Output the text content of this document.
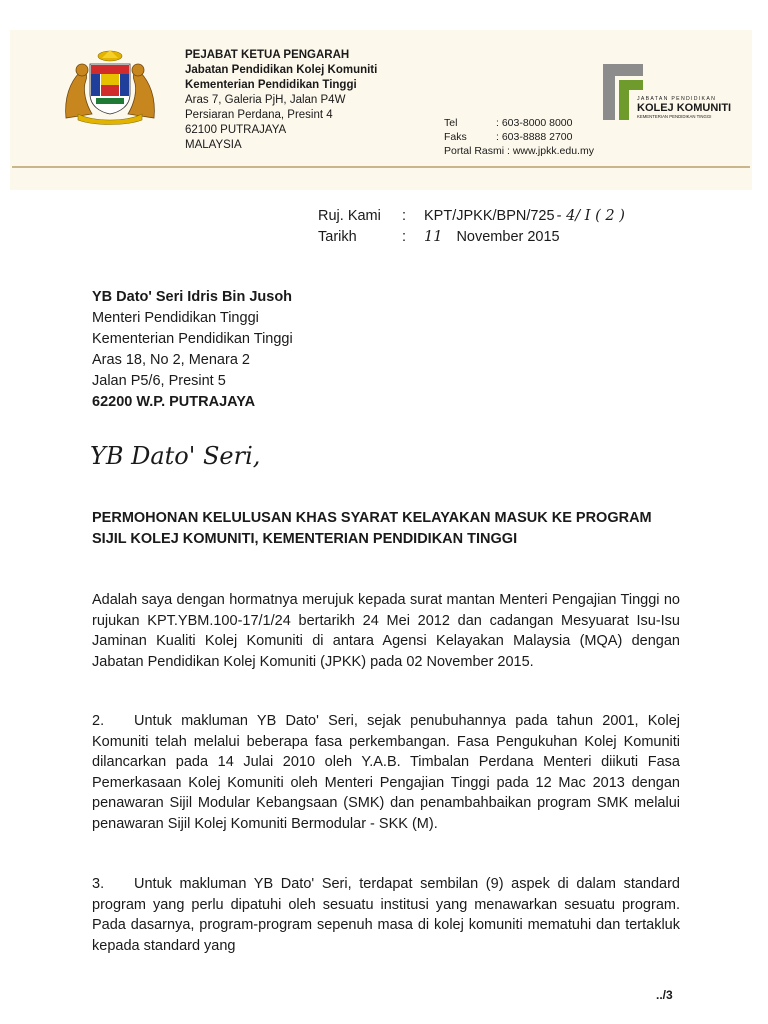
PEJABAT KETUA PENGARAH
Jabatan Pendidikan Kolej Komuniti
Kementerian Pendidikan Tinggi
Aras 7, Galeria PjH, Jalan P4W
Persiaran Perdana, Presint 4
62100 PUTRAJAYA
MALAYSIA
Tel	: 603-8000 8000
Faks	: 603-8888 2700
Portal Rasmi : www.jpkk.edu.my
JABATAN PENDIDIKAN
KOLEJ KOMUNITI
KEMENTERIAN PENDIDIKAN TINGGI
Ruj. Kami	:	KPT/JPKK/BPN/725 - 4/ I ( 2 )
Tarikh	:	11 November 2015
YB Dato' Seri Idris Bin Jusoh
Menteri Pendidikan Tinggi
Kementerian Pendidikan Tinggi
Aras 18, No 2, Menara 2
Jalan P5/6, Presint 5
62200 W.P. PUTRAJAYA
YB Dato' Seri,
PERMOHONAN KELULUSAN KHAS SYARAT KELAYAKAN MASUK KE PROGRAM SIJIL KOLEJ KOMUNITI, KEMENTERIAN PENDIDIKAN TINGGI
Adalah saya dengan hormatnya merujuk kepada surat mantan Menteri Pengajian Tinggi no rujukan KPT.YBM.100-17/1/24 bertarikh 24 Mei 2012 dan cadangan Mesyuarat Isu-Isu Jaminan Kualiti Kolej Komuniti di antara Agensi Kelayakan Malaysia (MQA) dengan Jabatan Pendidikan Kolej Komuniti (JPKK) pada 02 November 2015.
2. Untuk makluman YB Dato' Seri, sejak penubuhannya pada tahun 2001, Kolej Komuniti telah melalui beberapa fasa perkembangan. Fasa Pengukuhan Kolej Komuniti dilancarkan pada 14 Julai 2010 oleh Y.A.B. Timbalan Perdana Menteri diikuti Fasa Pemerkasaan Kolej Komuniti oleh Menteri Pengajian Tinggi pada 12 Mac 2013 dengan penawaran Sijil Modular Kebangsaan (SMK) dan penambahbaikan program SMK melalui penawaran Sijil Kolej Komuniti Bermodular - SKK (M).
3. Untuk makluman YB Dato' Seri, terdapat sembilan (9) aspek di dalam standard program yang perlu dipatuhi oleh sesuatu institusi yang menawarkan sesuatu program. Pada dasarnya, program-program sepenuh masa di kolej komuniti mematuhi dan tertakluk kepada standard yang
../3
